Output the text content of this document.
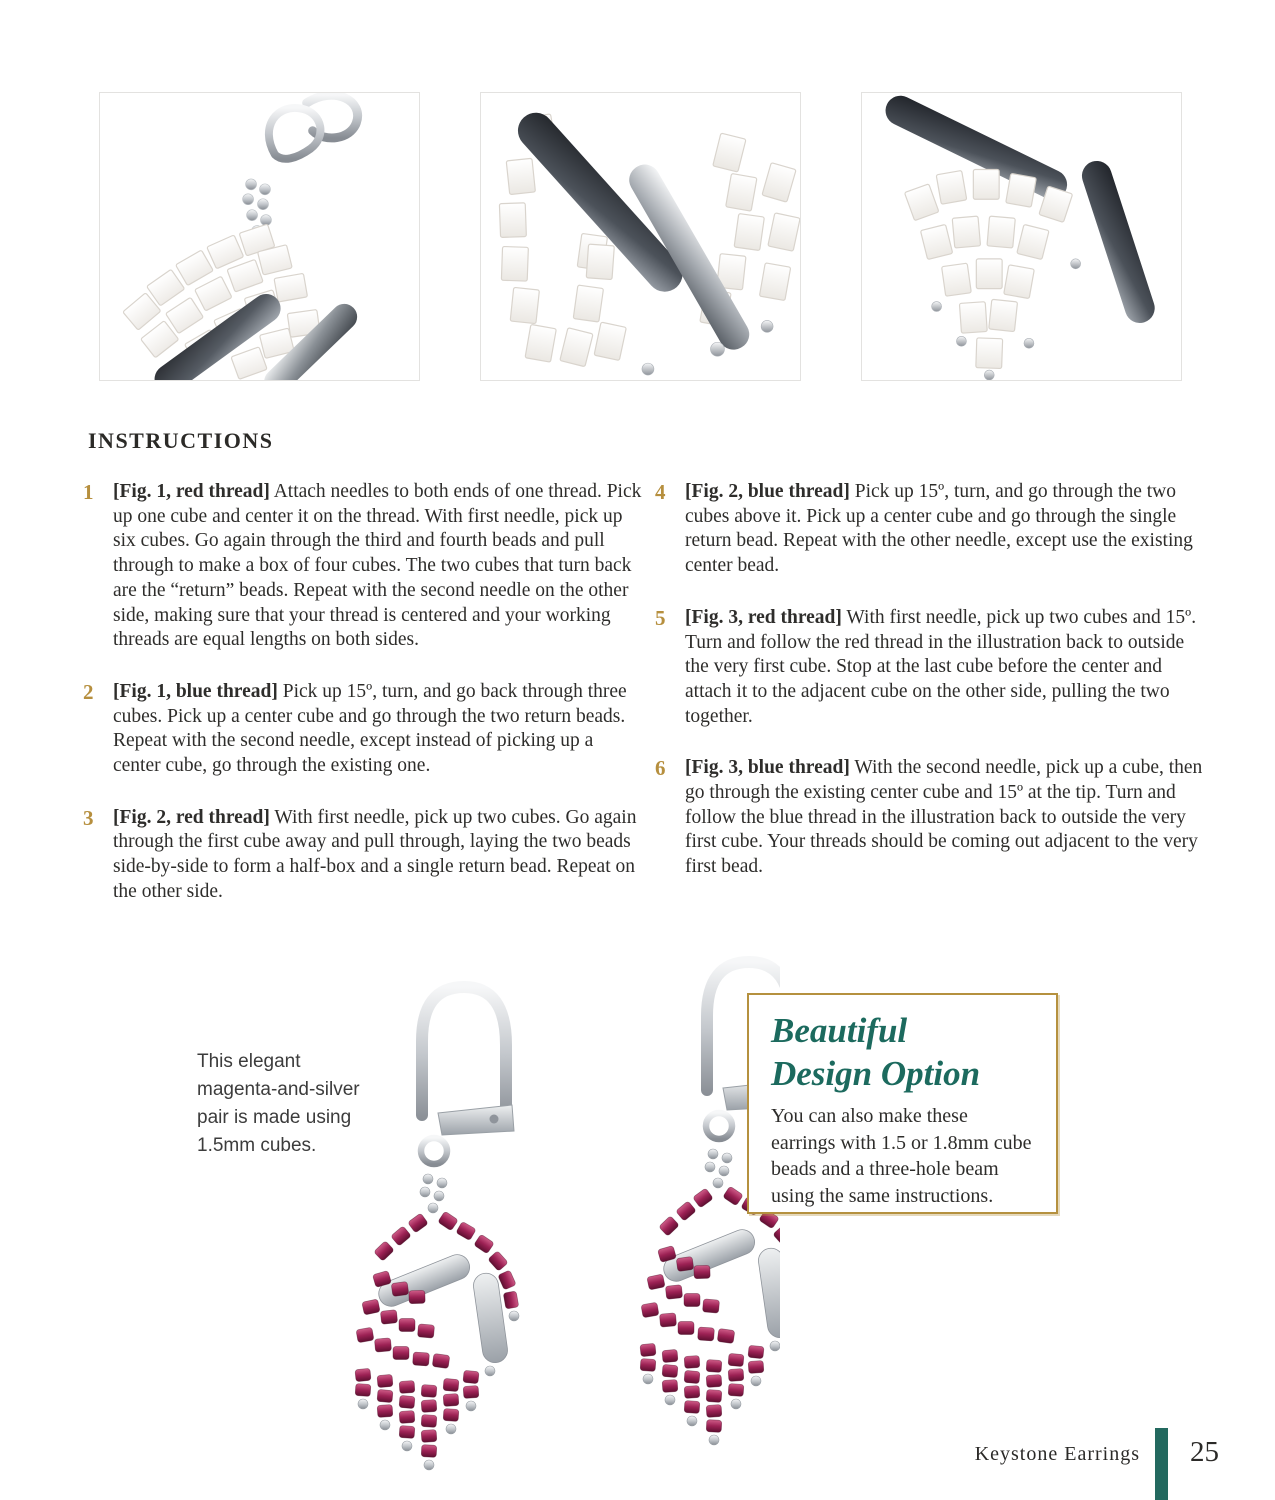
INSTRUCTIONS
1	[Fig. 1, red thread] Attach needles to both ends of one thread. Pick up one cube and center it on the thread. With first needle, pick up six cubes. Go again through the third and fourth beads and pull through to make a box of four cubes. The two cubes that turn back are the “return” beads. Repeat with the second needle on the other side, making sure that your thread is centered and your working threads are equal lengths on both sides.

2	[Fig. 1, blue thread] Pick up 15º, turn, and go back through three cubes. Pick up a center cube and go through the two return beads. Repeat with the second needle, except instead of picking up a center cube, go through the existing one.

3	[Fig. 2, red thread] With first needle, pick up two cubes. Go again through the first cube away and pull through, laying the two beads side-by-side to form a half-box and a single return bead. Repeat on the other side.

4	[Fig. 2, blue thread] Pick up 15º, turn, and go through the two cubes above it. Pick up a center cube and go through the single return bead. Repeat with the other needle, except use the existing center bead.

5	[Fig. 3, red thread] With first needle, pick up two cubes and 15º. Turn and follow the red thread in the illustration back to outside the very first cube. Stop at the last cube before the center and attach it to the adjacent cube on the other side, pulling the two together.

6	[Fig. 3, blue thread] With the second needle, pick up a cube, then go through the existing center cube and 15º at the tip. Turn and follow the blue thread in the illustration back to outside the very first cube. Your threads should be coming out adjacent to the very first bead.

This elegant
magenta-and-silver
pair is made using
1.5mm cubes.
Beautiful
Design Option

You can also make these
earrings with 1.5 or 1.8mm cube
beads and a three-hole beam
using the same instructions.

Keystone Earrings 25
